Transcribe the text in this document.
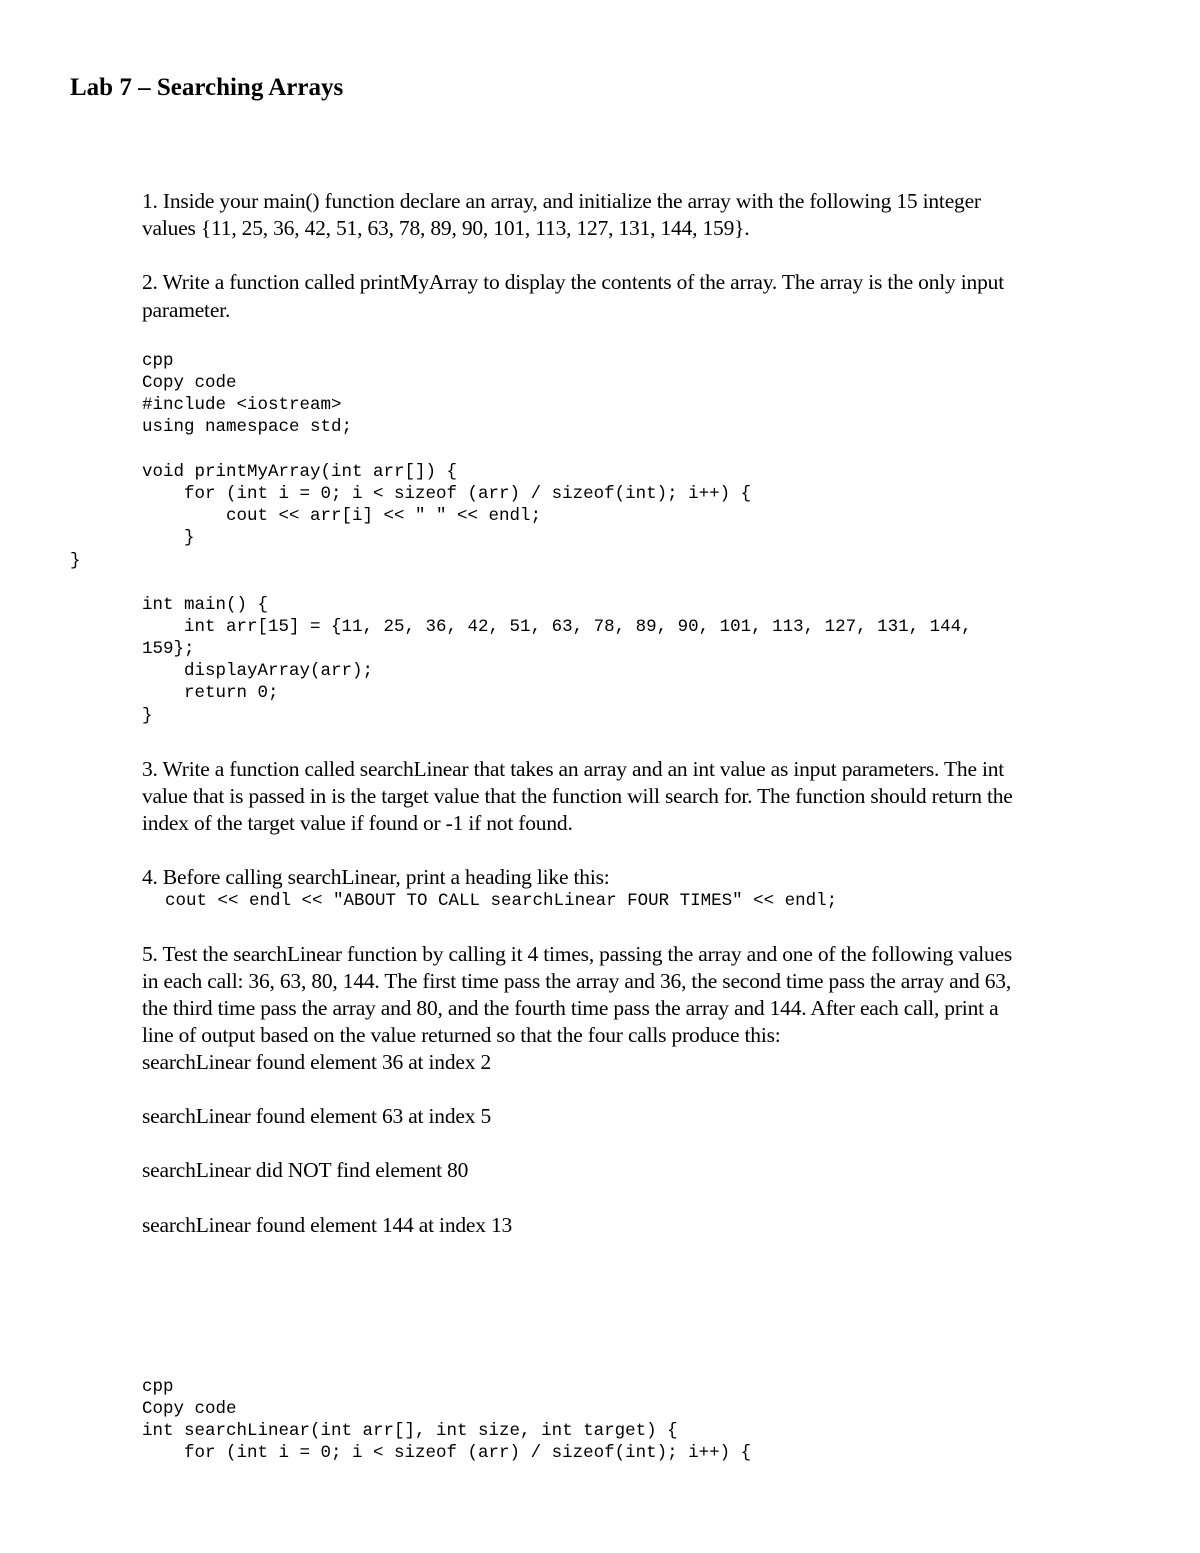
Lab 7 – Searching Arrays
1. Inside your main() function declare an array, and initialize the array with the following 15 integer
values {11, 25, 36, 42, 51, 63, 78, 89, 90, 101, 113, 127, 131, 144, 159}.
2. Write a function called printMyArray to display the contents of the array. The array is the only input
parameter.
cpp
Copy code
#include <iostream>
using namespace std;
void printMyArray(int arr[]) {
for (int i = 0; i < sizeof (arr) / sizeof(int); i++) {
cout << arr[i] << " " << endl;
}
}
int main() {
int arr[15] = {11, 25, 36, 42, 51, 63, 78, 89, 90, 101, 113, 127, 131, 144,
159};
displayArray(arr);
return 0;
}
3. Write a function called searchLinear that takes an array and an int value as input parameters. The int
value that is passed in is the target value that the function will search for. The function should return the
index of the target value if found or -1 if not found.
4. Before calling searchLinear, print a heading like this:
cout << endl << "ABOUT TO CALL searchLinear FOUR TIMES" << endl;
5. Test the searchLinear function by calling it 4 times, passing the array and one of the following values
in each call: 36, 63, 80, 144. The first time pass the array and 36, the second time pass the array and 63,
the third time pass the array and 80, and the fourth time pass the array and 144. After each call, print a
line of output based on the value returned so that the four calls produce this:
searchLinear found element 36 at index 2
searchLinear found element 63 at index 5
searchLinear did NOT find element 80
searchLinear found element 144 at index 13
cpp
Copy code
int searchLinear(int arr[], int size, int target) {
for (int i = 0; i < sizeof (arr) / sizeof(int); i++) {
